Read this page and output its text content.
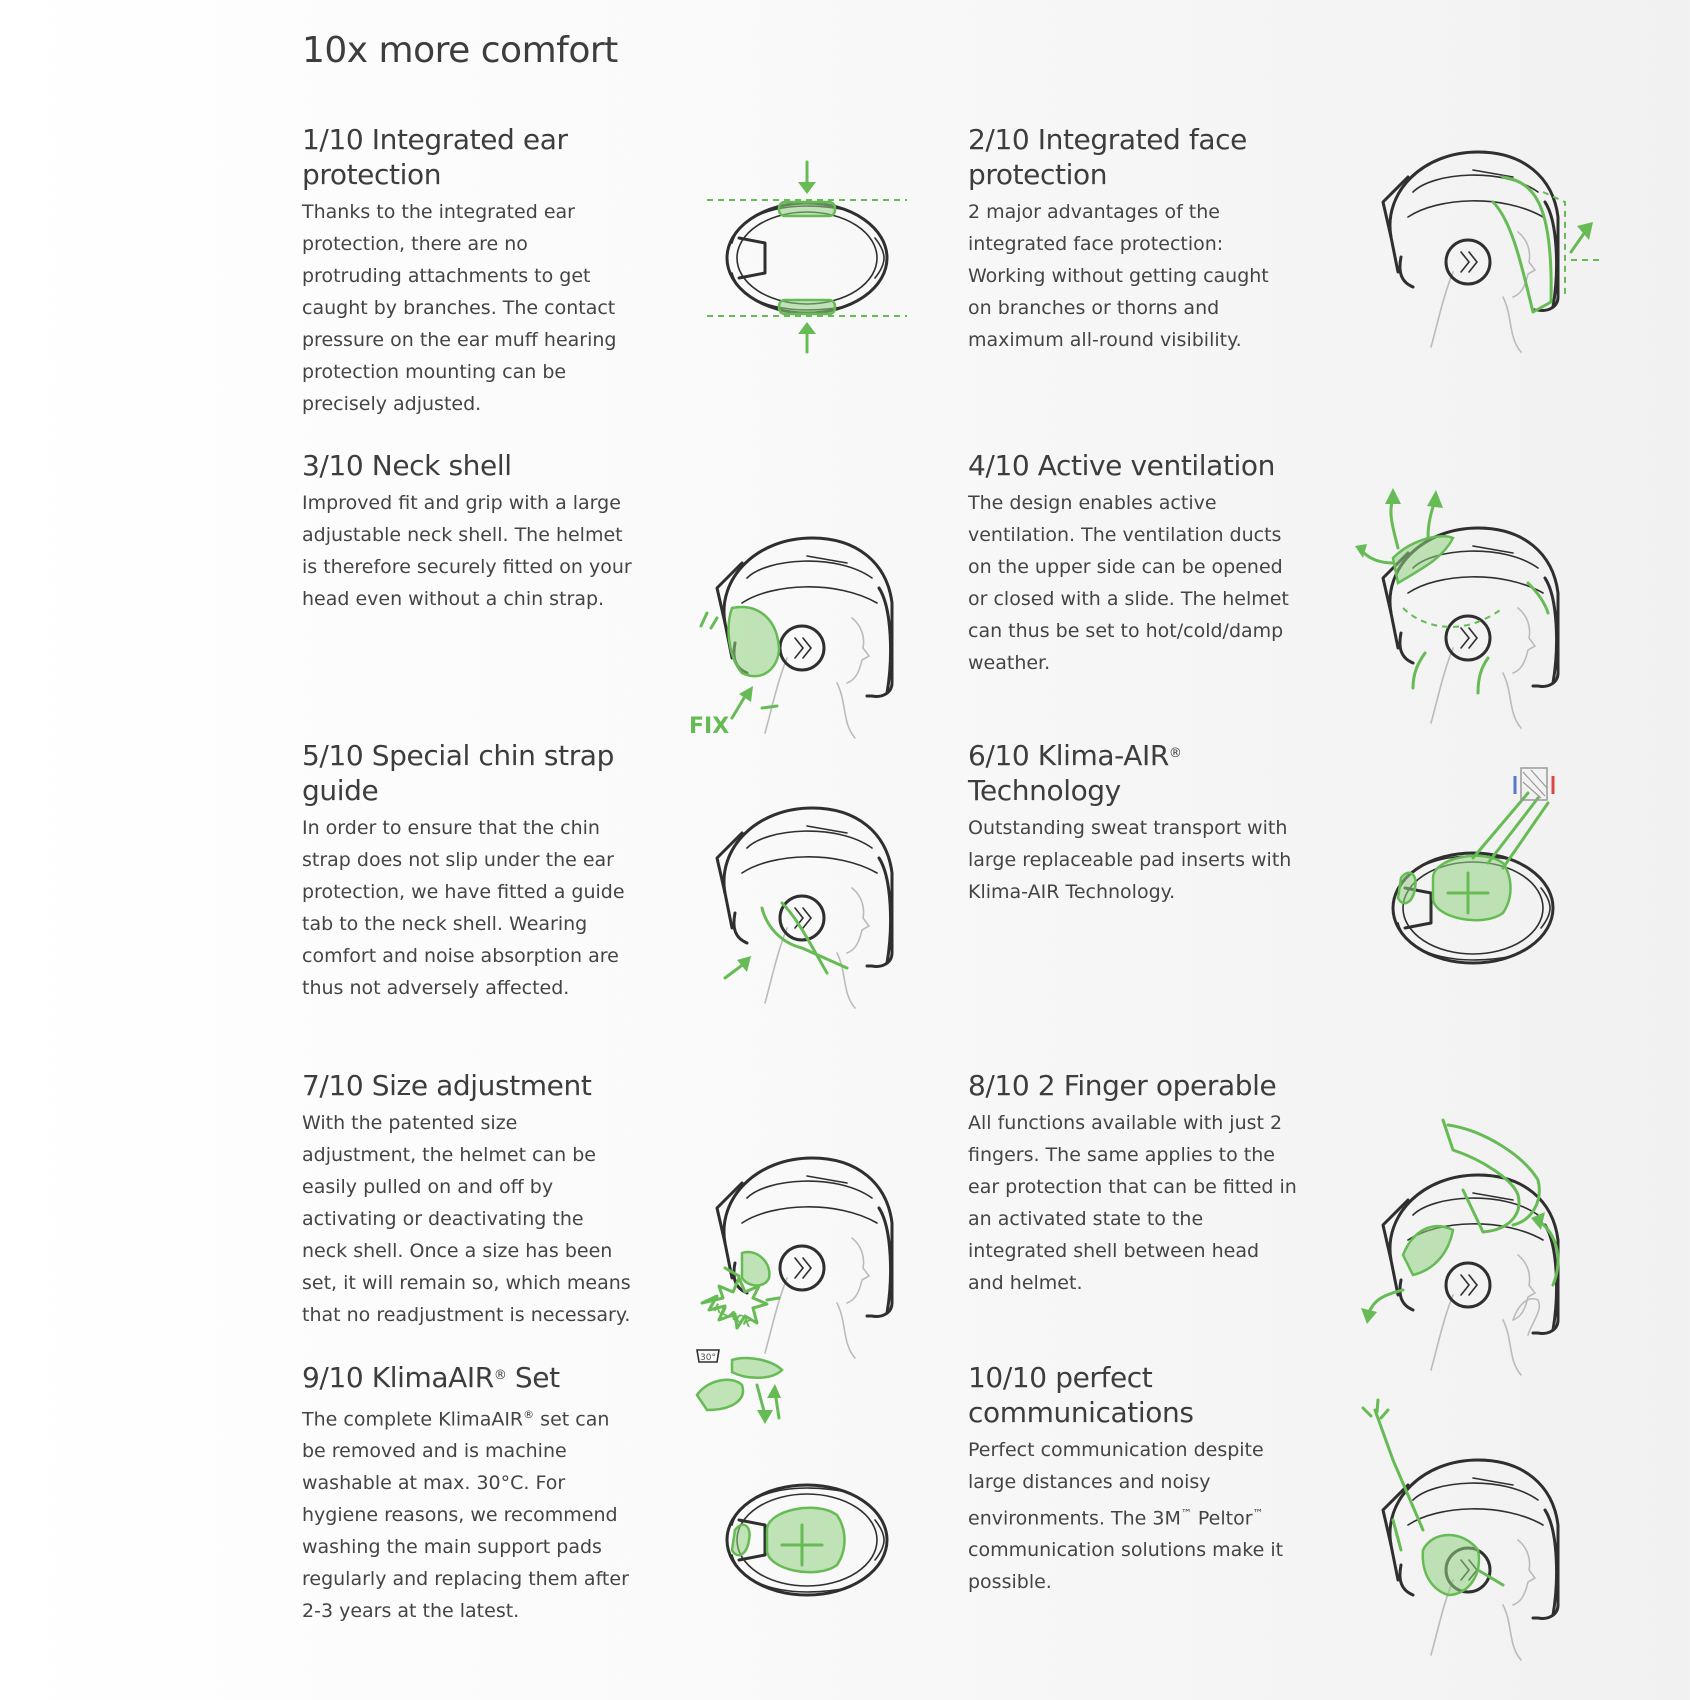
10x more comfort
1/10 Integrated ear protection

Thanks to the integrated ear protection, there are no protruding attachments to get caught by branches. The contact pressure on the ear muff hearing protection mounting can be precisely adjusted.

2/10 Integrated face protection

2 major advantages of the integrated face protection: Working without getting caught on branches or thorns and maximum all-round visibility.

3/10 Neck shell

Improved fit and grip with a large adjustable neck shell. The helmet is therefore securely fitted on your head even without a chin strap.

FIX
4/10 Active ventilation

The design enables active ventilation. The ventilation ducts on the upper side can be opened or closed with a slide. The helmet can thus be set to hot/cold/damp weather.

5/10 Special chin strap guide

In order to ensure that the chin strap does not slip under the ear protection, we have fitted a guide tab to the neck shell. Wearing comfort and noise absorption are thus not adversely affected.

6/10 Klima-AIR® Technology

Outstanding sweat transport with large replaceable pad inserts with Klima-AIR Technology.

7/10 Size adjustment

With the patented size adjustment, the helmet can be easily pulled on and off by activating or deactivating the neck shell. Once a size has been set, it will remain so, which means that no readjustment is necessary.	KLACK
8/10 2 Finger operable

All functions available with just 2 fingers. The same applies to the ear protection that can be fitted in an activated state to the integrated shell between head and helmet.

9/10 KlimaAIR® Set

The complete KlimaAIR® set can be removed and is machine washable at max. 30°C. For hygiene reasons, we recommend washing the main support pads regularly and replacing them after 2-3 years at the latest.

30°
10/10 perfect communications

Perfect communication despite large distances and noisy environments. The 3M™ Peltor™ communication solutions make it possible.
